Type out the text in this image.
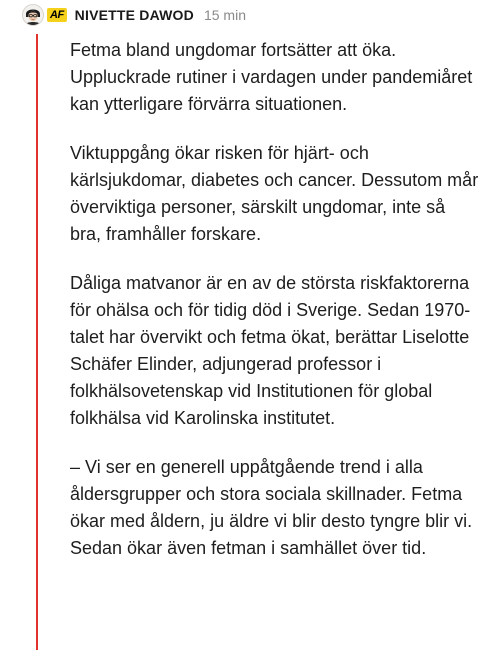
AF NIVETTE DAWOD 15 min

Fetma bland ungdomar fortsätter att öka. Uppluckrade rutiner i vardagen under pandemiåret kan ytterligare förvärra situationen.

Viktuppgång ökar risken för hjärt- och kärlsjukdomar, diabetes och cancer. Dessutom mår överviktiga personer, särskilt ungdomar, inte så bra, framhåller forskare.

Dåliga matvanor är en av de största riskfaktorerna för ohälsa och för tidig död i Sverige. Sedan 1970-talet har övervikt och fetma ökat, berättar Liselotte Schäfer Elinder, adjungerad professor i folkhälsovetenskap vid Institutionen för global folkhälsa vid Karolinska institutet.

– Vi ser en generell uppåtgående trend i alla åldersgrupper och stora sociala skillnader. Fetma ökar med åldern, ju äldre vi blir desto tyngre blir vi. Sedan ökar även fetman i samhället över tid.
